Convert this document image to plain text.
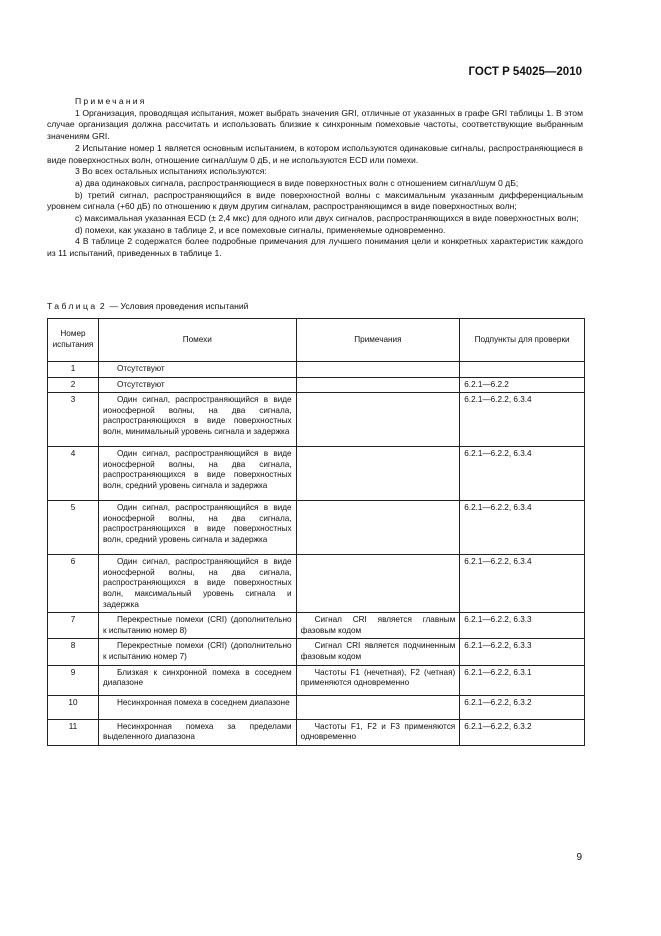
ГОСТ Р 54025—2010

Примечания

1 Организация, проводящая испытания, может выбрать значения GRI, отличные от указанных в графе GRI таблицы 1. В этом случае организация должна рассчитать и использовать близкие к синхронным помеховые частоты, соответствующие выбранным значениям GRI.

2 Испытание номер 1 является основным испытанием, в котором используются одинаковые сигналы, распространяющиеся в виде поверхностных волн, отношение сигнал/шум 0 дБ, и не используются ECD или помехи.

3 Во всех остальных испытаниях используются:

а) два одинаковых сигнала, распространяющиеся в виде поверхностных волн с отношением сигнал/шум 0 дБ;

b) третий сигнал, распространяющийся в виде поверхностной волны с максимальным указанным дифференциальным уровнем сигнала (+60 дБ) по отношению к двум другим сигналам, распространяющимся в виде поверхностных волн;

с) максимальная указанная ECD (± 2,4 мкс) для одного или двух сигналов, распространяющихся в виде поверхностных волн;

d) помехи, как указано в таблице 2, и все помеховые сигналы, применяемые одновременно.

4 В таблице 2 содержатся более подробные примечания для лучшего понимания цели и конкретных характеристик каждого из 11 испытаний, приведенных в таблице 1.

Таблица 2 — Условия проведения испытаний
Номер испытания	Помехи	Примечания	Подпункты для проверки
1	Отсутствуют		
2	Отсутствуют		6.2.1—6.2.2
3	Один сигнал, распространяющийся в виде ионосферной волны, на два сигнала, распространяющихся в виде поверхностных волн, минимальный уровень сигнала и задержка		6.2.1—6.2.2, 6.3.4
4	Один сигнал, распространяющийся в виде ионосферной волны, на два сигнала, распространяющихся в виде поверхностных волн, средний уровень сигнала и задержка		6.2.1—6.2.2, 6.3.4
5	Один сигнал, распространяющийся в виде ионосферной волны, на два сигнала, распространяющихся в виде поверхностных волн, средний уровень сигнала и задержка		6.2.1—6.2.2, 6.3.4
6	Один сигнал, распространяющийся в виде ионосферной волны, на два сигнала, распространяющихся в виде поверхностных волн, максимальный уровень сигнала и задержка		6.2.1—6.2.2, 6.3.4
7	Перекрестные помехи (CRI) (дополнительно к испытанию номер 8)	Сигнал CRI является главным фазовым кодом	6.2.1—6.2.2, 6.3.3
8	Перекрестные помехи (CRI) (дополнительно к испытанию номер 7)	Сигнал CRI является подчиненным фазовым кодом	6.2.1—6.2.2, 6.3.3
9	Близкая к синхронной помеха в соседнем диапазоне	Частоты F1 (нечетная), F2 (четная) применяются одновременно	6.2.1—6.2.2, 6.3.1
10	Несинхронная помеха в соседнем диапазоне		6.2.1—6.2.2, 6.3.2
11	Несинхронная помеха за пределами выделенного диапазона	Частоты F1, F2 и F3 применяются одновременно	6.2.1—6.2.2, 6.3.2
9
